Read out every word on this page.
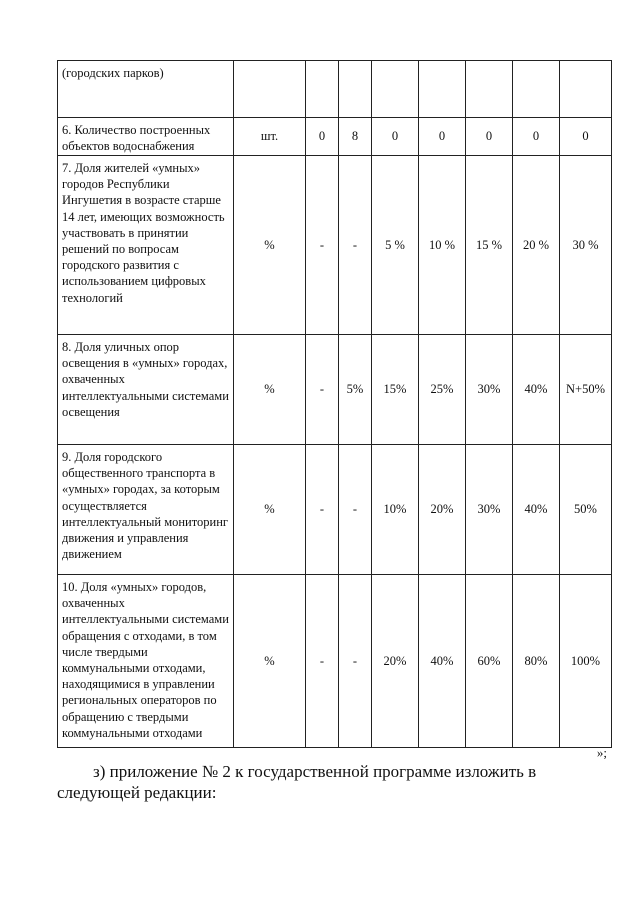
(городских парков)								
6. Количество построенных объектов водоснабжения	шт.	0	8	0	0	0	0	0
7. Доля жителей «умных» городов Республики Ингушетия в возрасте старше 14 лет, имеющих возможность участвовать в принятии решений по вопросам городского развития с использованием цифровых технологий	%	-	-	5 %	10 %	15 %	20 %	30 %
8. Доля уличных опор освещения в «умных» городах, охваченных интеллектуальными системами освещения	%	-	5%	15%	25%	30%	40%	N+50%
9. Доля городского общественного транспорта в «умных» городах, за которым осуществляется интеллектуальный мониторинг движения и управления движением	%	-	-	10%	20%	30%	40%	50%
10. Доля «умных» городов, охваченных интеллектуальными системами обращения с отходами, в том числе твердыми коммунальными отходами, находящимися в управлении региональных операторов по обращению с твердыми коммунальными отходами	%	-	-	20%	40%	60%	80%	100%
»;
з) приложение № 2 к государственной программе изложить в следующей редакции:
